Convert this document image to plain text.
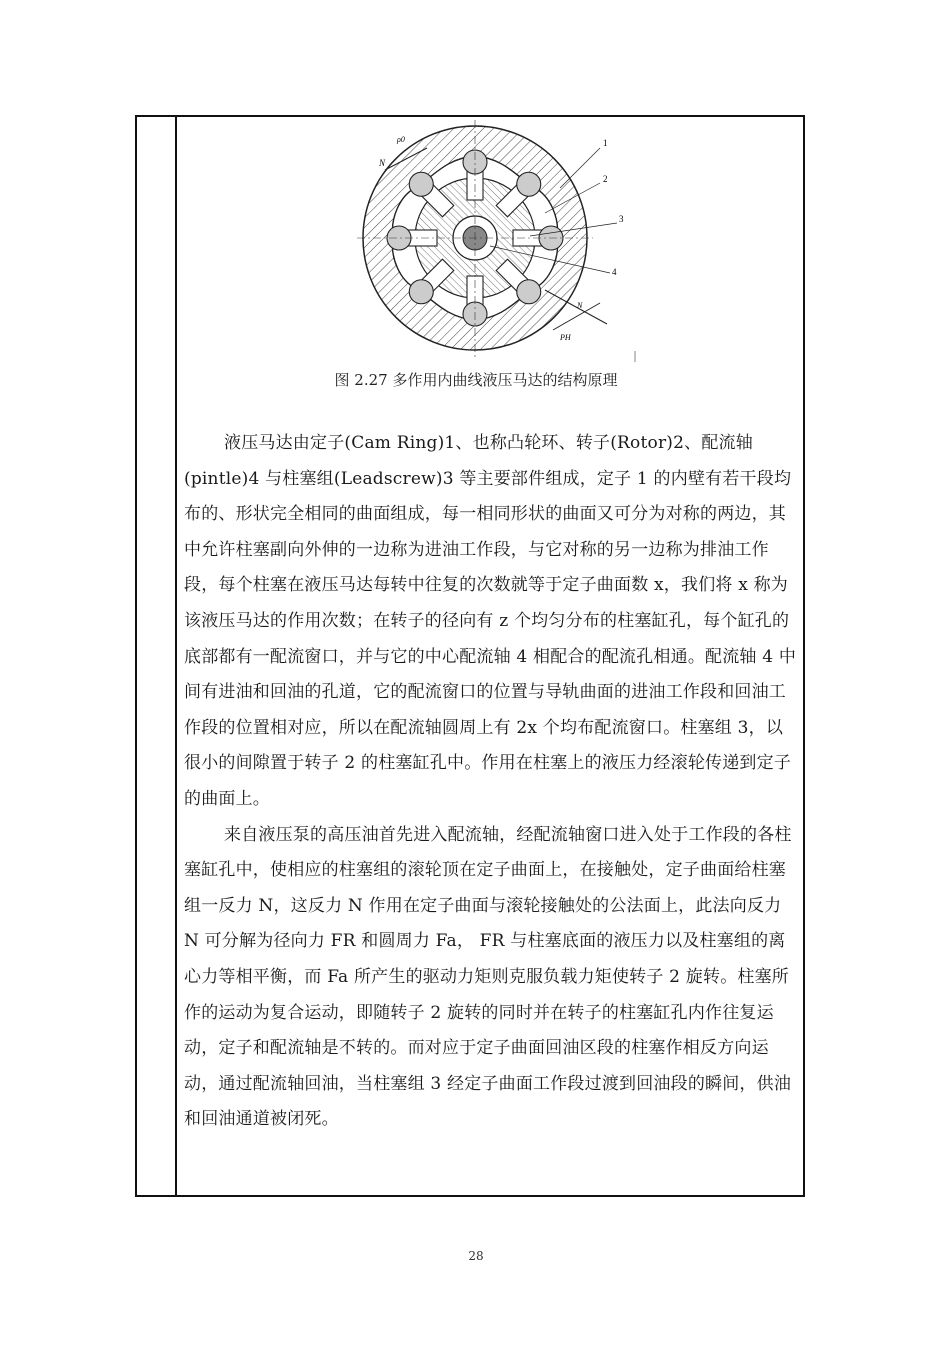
1
2
3
4
N
ρ0
PH
N
图 2.27 多作用内曲线液压马达的结构原理

液压马达由定子(Cam Ring)1、也称凸轮环、转子(Rotor)2、配流轴(pintle)4 与柱塞组(Leadscrew)3 等主要部件组成，定子 1 的内壁有若干段均布的、形状完全相同的曲面组成，每一相同形状的曲面又可分为对称的两边，其中允许柱塞副向外伸的一边称为进油工作段，与它对称的另一边称为排油工作段，每个柱塞在液压马达每转中往复的次数就等于定子曲面数 x，我们将 x 称为该液压马达的作用次数；在转子的径向有 z 个均匀分布的柱塞缸孔，每个缸孔的底部都有一配流窗口，并与它的中心配流轴 4 相配合的配流孔相通。配流轴 4 中间有进油和回油的孔道，它的配流窗口的位置与导轨曲面的进油工作段和回油工作段的位置相对应，所以在配流轴圆周上有 2x 个均布配流窗口。柱塞组 3，以很小的间隙置于转子 2 的柱塞缸孔中。作用在柱塞上的液压力经滚轮传递到定子的曲面上。

来自液压泵的高压油首先进入配流轴，经配流轴窗口进入处于工作段的各柱塞缸孔中，使相应的柱塞组的滚轮顶在定子曲面上，在接触处，定子曲面给柱塞组一反力 N，这反力 N 作用在定子曲面与滚轮接触处的公法面上，此法向反力 N 可分解为径向力 FR 和圆周力 Fa， FR 与柱塞底面的液压力以及柱塞组的离心力等相平衡，而 Fa 所产生的驱动力矩则克服负载力矩使转子 2 旋转。柱塞所作的运动为复合运动，即随转子 2 旋转的同时并在转子的柱塞缸孔内作往复运动，定子和配流轴是不转的。而对应于定子曲面回油区段的柱塞作相反方向运动，通过配流轴回油，当柱塞组 3 经定子曲面工作段过渡到回油段的瞬间，供油和回油通道被闭死。

28
